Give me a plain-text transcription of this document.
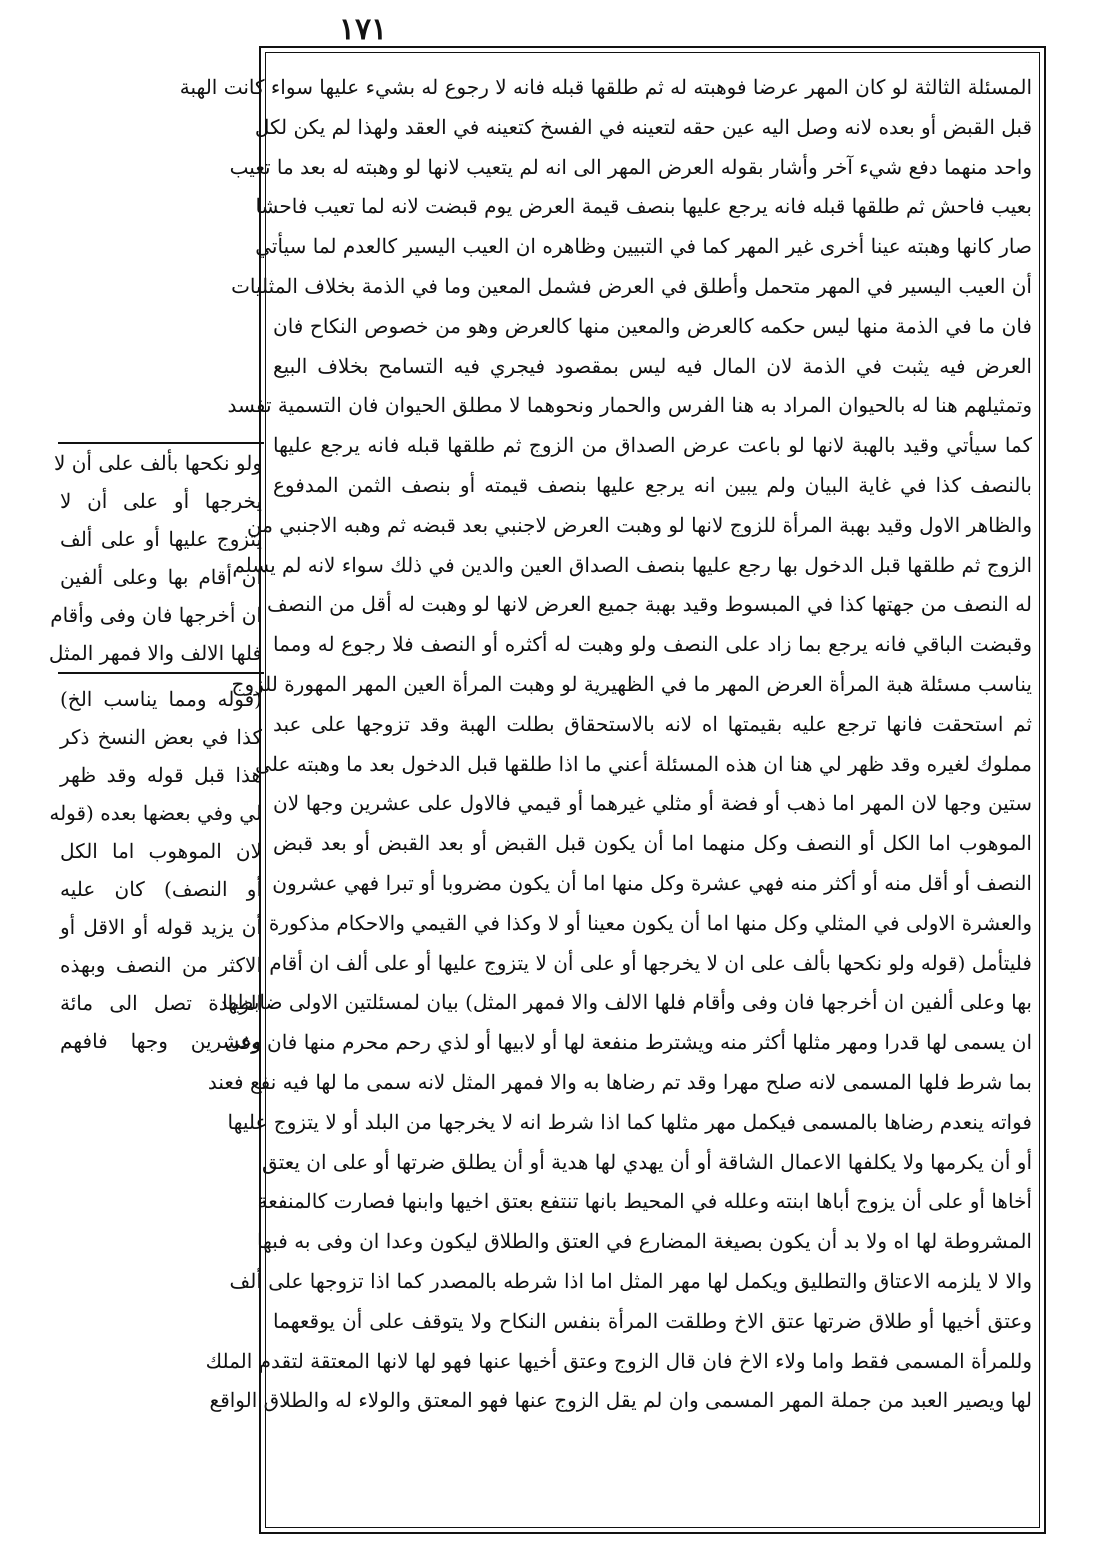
١٧١
المسئلة الثالثة لو كان المهر عرضا فوهبته له ثم طلقها قبله فانه لا رجوع له بشيء عليها سواء كانت الهبة
قبل القبض أو بعده لانه وصل اليه عين حقه لتعينه في الفسخ كتعينه في العقد ولهذا لم يكن لكل
واحد منهما دفع شيء آخر وأشار بقوله العرض المهر الى انه لم يتعيب لانها لو وهبته له بعد ما تعيب
بعيب فاحش ثم طلقها قبله فانه يرجع عليها بنصف قيمة العرض يوم قبضت لانه لما تعيب فاحشا
صار كانها وهبته عينا أخرى غير المهر كما في التبيين وظاهره ان العيب اليسير كالعدم لما سيأتي
أن العيب اليسير في المهر متحمل وأطلق في العرض فشمل المعين وما في الذمة بخلاف المثليات
فان ما في الذمة منها ليس حكمه كالعرض والمعين منها كالعرض وهو من خصوص النكاح فان
العرض فيه يثبت في الذمة لان المال فيه ليس بمقصود فيجري فيه التسامح بخلاف البيع
وتمثيلهم هنا له بالحيوان المراد به هنا الفرس والحمار ونحوهما لا مطلق الحيوان فان التسمية تفسد
كما سيأتي وقيد بالهبة لانها لو باعت عرض الصداق من الزوج ثم طلقها قبله فانه يرجع عليها
بالنصف كذا في غاية البيان ولم يبين انه يرجع عليها بنصف قيمته أو بنصف الثمن المدفوع
والظاهر الاول وقيد بهبة المرأة للزوج لانها لو وهبت العرض لاجنبي بعد قبضه ثم وهبه الاجنبي من
الزوج ثم طلقها قبل الدخول بها رجع عليها بنصف الصداق العين والدين في ذلك سواء لانه لم يسلم
له النصف من جهتها كذا في المبسوط وقيد بهبة جميع العرض لانها لو وهبت له أقل من النصف
وقبضت الباقي فانه يرجع بما زاد على النصف ولو وهبت له أكثره أو النصف فلا رجوع له ومما
يناسب مسئلة هبة المرأة العرض المهر ما في الظهيرية لو وهبت المرأة العين المهر المهورة للزوج
ثم استحقت فانها ترجع عليه بقيمتها اه لانه بالاستحقاق بطلت الهبة وقد تزوجها على عبد
مملوك لغيره وقد ظهر لي هنا ان هذه المسئلة أعني ما اذا طلقها قبل الدخول بعد ما وهبته على
ستين وجها لان المهر اما ذهب أو فضة أو مثلي غيرهما أو قيمي فالاول على عشرين وجها لان
الموهوب اما الكل أو النصف وكل منهما اما أن يكون قبل القبض أو بعد القبض أو بعد قبض
النصف أو أقل منه أو أكثر منه فهي عشرة وكل منها اما أن يكون مضروبا أو تبرا فهي عشرون
والعشرة الاولى في المثلي وكل منها اما أن يكون معينا أو لا وكذا في القيمي والاحكام مذكورة
فليتأمل (قوله ولو نكحها بألف على ان لا يخرجها أو على أن لا يتزوج عليها أو على ألف ان أقام
بها وعلى ألفين ان أخرجها فان وفى وأقام فلها الالف والا فمهر المثل) بيان لمسئلتين الاولى ضابطها
ان يسمى لها قدرا ومهر مثلها أكثر منه ويشترط منفعة لها أو لابيها أو لذي رحم محرم منها فان وفى
بما شرط فلها المسمى لانه صلح مهرا وقد تم رضاها به والا فمهر المثل لانه سمى ما لها فيه نفع فعند
فواته ينعدم رضاها بالمسمى فيكمل مهر مثلها كما اذا شرط انه لا يخرجها من البلد أو لا يتزوج عليها
أو أن يكرمها ولا يكلفها الاعمال الشاقة أو أن يهدي لها هدية أو أن يطلق ضرتها أو على ان يعتق
أخاها أو على أن يزوج أباها ابنته وعلله في المحيط بانها تنتفع بعتق اخيها وابنها فصارت كالمنفعة
المشروطة لها اه ولا بد أن يكون بصيغة المضارع في العتق والطلاق ليكون وعدا ان وفى به فبها
والا لا يلزمه الاعتاق والتطليق ويكمل لها مهر المثل اما اذا شرطه بالمصدر كما اذا تزوجها على ألف
وعتق أخيها أو طلاق ضرتها عتق الاخ وطلقت المرأة بنفس النكاح ولا يتوقف على أن يوقعهما
وللمرأة المسمى فقط واما ولاء الاخ فان قال الزوج وعتق أخيها عنها فهو لها لانها المعتقة لتقدم الملك
لها ويصير العبد من جملة المهر المسمى وان لم يقل الزوج عنها فهو المعتق والولاء له والطلاق الواقع
ولو نكحها بألف على أن لا
يخرجها أو على أن لا
يتزوج عليها أو على ألف
ان أقام بها وعلى ألفين
ان أخرجها فان وفى وأقام
فلها الالف والا فمهر المثل
(قوله ومما يناسب الخ)
كذا في بعض النسخ ذكر
هذا قبل قوله وقد ظهر
لي وفي بعضها بعده (قوله
لان الموهوب اما الكل
أو النصف) كان عليه
أن يزيد قوله أو الاقل أو
الاكثر من النصف وبهذه
الزيادة تصل الى مائة
وعشرين وجها فافهم
